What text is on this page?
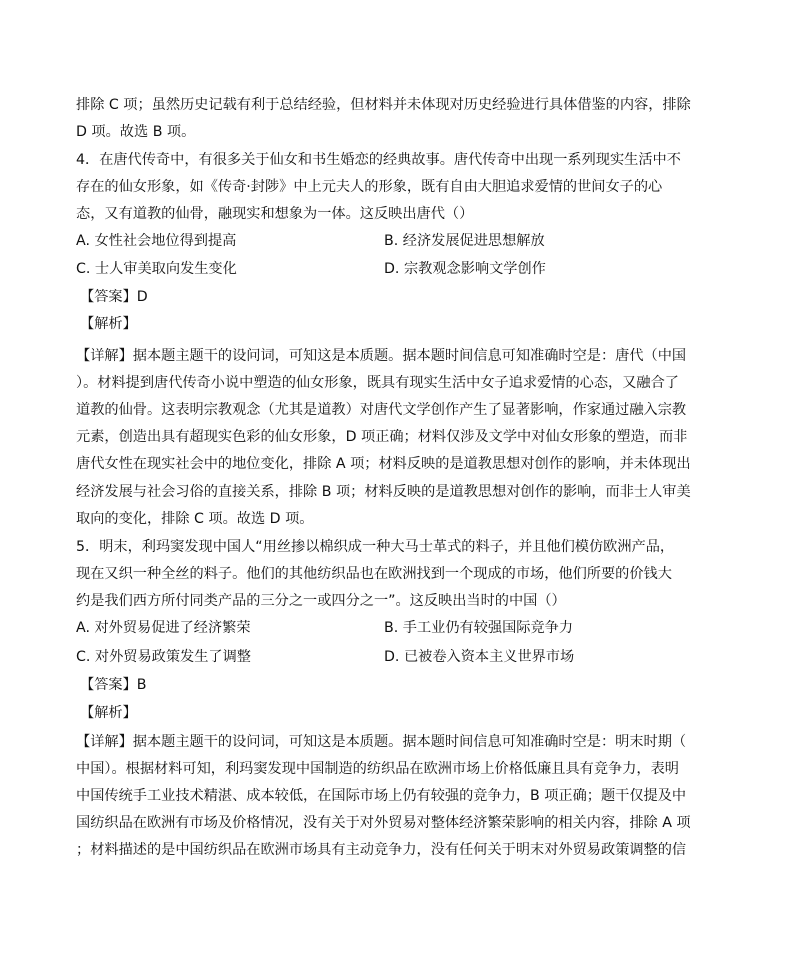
排除 C 项；虽然历史记载有利于总结经验，但材料并未体现对历史经验进行具体借鉴的内容，排除
D 项。故选 B 项。
4．在唐代传奇中，有很多关于仙女和书生婚恋的经典故事。唐代传奇中出现一系列现实生活中不
存在的仙女形象，如《传奇·封陟》中上元夫人的形象，既有自由大胆追求爱情的世间女子的心
态，又有道教的仙骨，融现实和想象为一体。这反映出唐代（）
A. 女性社会地位得到提高	B. 经济发展促进思想解放
C. 士人审美取向发生变化	D. 宗教观念影响文学创作
【答案】D
【解析】
【详解】据本题主题干的设问词，可知这是本质题。据本题时间信息可知准确时空是：唐代（中国
）。材料提到唐代传奇小说中塑造的仙女形象，既具有现实生活中女子追求爱情的心态，又融合了
道教的仙骨。这表明宗教观念（尤其是道教）对唐代文学创作产生了显著影响，作家通过融入宗教
元素，创造出具有超现实色彩的仙女形象，D 项正确；材料仅涉及文学中对仙女形象的塑造，而非
唐代女性在现实社会中的地位变化，排除 A 项；材料反映的是道教思想对创作的影响，并未体现出
经济发展与社会习俗的直接关系，排除 B 项；材料反映的是道教思想对创作的影响，而非士人审美
取向的变化，排除 C 项。故选 D 项。
5．明末，利玛窦发现中国人“用丝掺以棉织成一种大马士革式的料子，并且他们模仿欧洲产品，
现在又织一种全丝的料子。他们的其他纺织品也在欧洲找到一个现成的市场，他们所要的价钱大
约是我们西方所付同类产品的三分之一或四分之一”。这反映出当时的中国（）
A. 对外贸易促进了经济繁荣	B. 手工业仍有较强国际竞争力
C. 对外贸易政策发生了调整	D. 已被卷入资本主义世界市场
【答案】B
【解析】
【详解】据本题主题干的设问词，可知这是本质题。据本题时间信息可知准确时空是：明末时期（
中国）。根据材料可知，利玛窦发现中国制造的纺织品在欧洲市场上价格低廉且具有竞争力，表明
中国传统手工业技术精湛、成本较低，在国际市场上仍有较强的竞争力，B 项正确；题干仅提及中
国纺织品在欧洲有市场及价格情况，没有关于对外贸易对整体经济繁荣影响的相关内容，排除 A 项
；材料描述的是中国纺织品在欧洲市场具有主动竞争力，没有任何关于明末对外贸易政策调整的信
